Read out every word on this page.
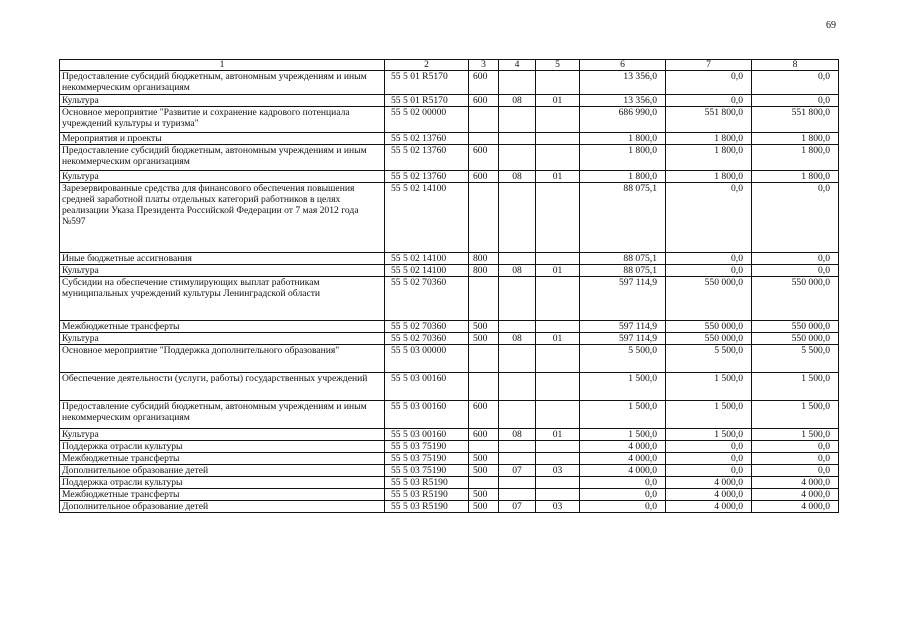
69
1	2	3	4	5	6	7	8
Предоставление субсидий бюджетным, автономным учреждениям и иным некоммерческим организациям	55 5 01 R5170	600			13 356,0	0,0	0,0
Культура	55 5 01 R5170	600	08	01	13 356,0	0,0	0,0
Основное мероприятие "Развитие и сохранение кадрового потенциала учреждений культуры и туризма"	55 5 02 00000				686 990,0	551 800,0	551 800,0
Мероприятия и проекты	55 5 02 13760				1 800,0	1 800,0	1 800,0
Предоставление субсидий бюджетным, автономным учреждениям и иным некоммерческим организациям	55 5 02 13760	600			1 800,0	1 800,0	1 800,0
Культура	55 5 02 13760	600	08	01	1 800,0	1 800,0	1 800,0
Зарезервированные средства для финансового обеспечения повышения средней заработной платы отдельных категорий работников в целях реализации Указа Президента Российской Федерации от 7 мая 2012 года №597	55 5 02 14100				88 075,1	0,0	0,0
Иные бюджетные ассигнования	55 5 02 14100	800			88 075,1	0,0	0,0
Культура	55 5 02 14100	800	08	01	88 075,1	0,0	0,0
Субсидии на обеспечение стимулирующих выплат работникам муниципальных учреждений культуры Ленинградской области	55 5 02 70360				597 114,9	550 000,0	550 000,0
Межбюджетные трансферты	55 5 02 70360	500			597 114,9	550 000,0	550 000,0
Культура	55 5 02 70360	500	08	01	597 114,9	550 000,0	550 000,0
Основное мероприятие "Поддержка дополнительного образования"	55 5 03 00000				5 500,0	5 500,0	5 500,0
Обеспечение деятельности (услуги, работы) государственных учреждений	55 5 03 00160				1 500,0	1 500,0	1 500,0
Предоставление субсидий бюджетным, автономным учреждениям и иным некоммерческим организациям	55 5 03 00160	600			1 500,0	1 500,0	1 500,0
Культура	55 5 03 00160	600	08	01	1 500,0	1 500,0	1 500,0
Поддержка отрасли культуры	55 5 03 75190				4 000,0	0,0	0,0
Межбюджетные трансферты	55 5 03 75190	500			4 000,0	0,0	0,0
Дополнительное образование детей	55 5 03 75190	500	07	03	4 000,0	0,0	0,0
Поддержка отрасли культуры	55 5 03 R5190				0,0	4 000,0	4 000,0
Межбюджетные трансферты	55 5 03 R5190	500			0,0	4 000,0	4 000,0
Дополнительное образование детей	55 5 03 R5190	500	07	03	0,0	4 000,0	4 000,0
